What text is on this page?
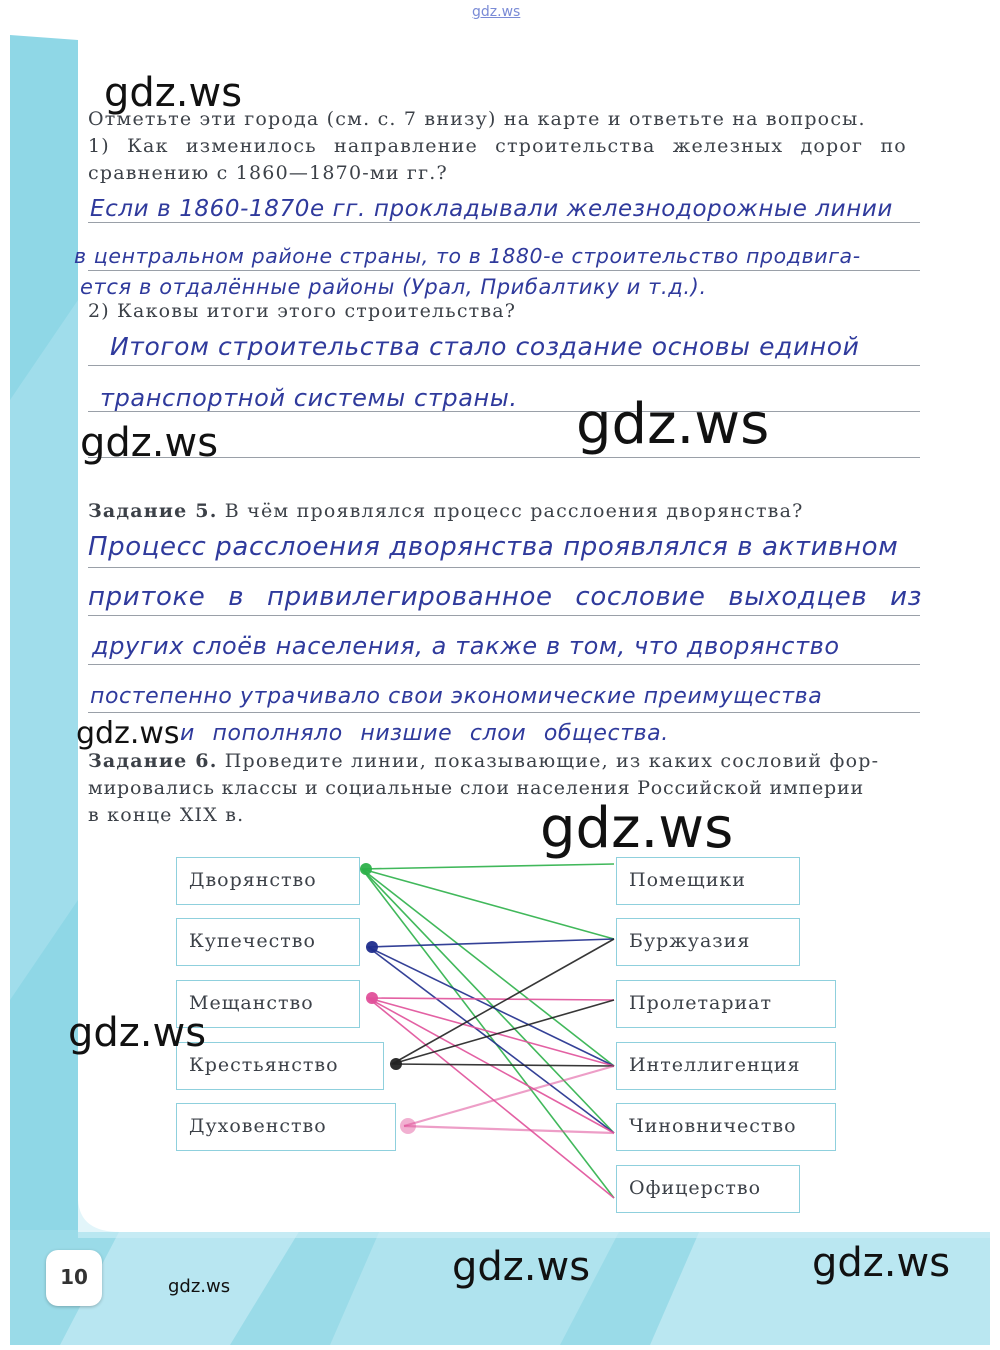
gdz.ws
Отметьте эти города (см. с. 7 внизу) на карте и ответьте на вопросы.
1) Как изменилось направление строительства железных дорог по
сравнению с 1860—1870-ми гг.?
Если в 1860-1870е гг. прокладывали железнодорожные линии
в центральном районе страны, то в 1880-е строительство продвига-
ется в отдалённые районы (Урал, Прибалтику и т.д.).
2) Каковы итоги этого строительства?
Итогом строительства стало создание основы единой
транспортной системы страны.
Задание 5. В чём проявлялся процесс расслоения дворянства?
Процесс расслоения дворянства проявлялся в активном
притоке в привилегированное сословие выходцев из
других слоёв населения, а также в том, что дворянство
постепенно утрачивало свои экономические преимущества
и пополняло низшие слои общества.
Задание 6. Проведите линии, показывающие, из каких сословий фор-
мировались классы и социальные слои населения Российской империи
в конце XIX в.
Дворянство
Купечество
Мещанство
Крестьянство
Духовенство
Помещики
Буржуазия
Пролетариат
Интеллигенция
Чиновничество
Офицерство
gdz.ws
gdz.ws	gdz.ws
gdz.ws
gdz.ws
gdz.ws
gdz.ws	gdz.ws	gdz.ws
10
